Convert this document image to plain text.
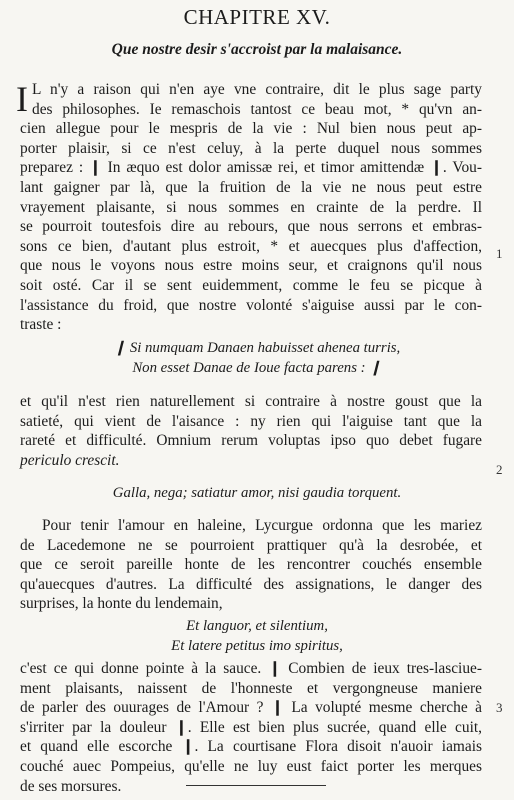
CHAPITRE XV.
Que nostre desir s'accroist par la malaisance.
I L n'y a raison qui n'en aye vne contraire, dit le plus sage party
des philosophes. Ie remaschois tantost ce beau mot, * qu'vn an-
cien allegue pour le mespris de la vie : Nul bien nous peut ap-
porter plaisir, si ce n'est celuy, à la perte duquel nous sommes
preparez : ❙ In æquo est dolor amissæ rei, et timor amittendæ ❙. Vou-
lant gaigner par là, que la fruition de la vie ne nous peut estre
vrayement plaisante, si nous sommes en crainte de la perdre. Il
se pourroit toutesfois dire au rebours, que nous serrons et embras-
sons ce bien, d'autant plus estroit, * et auecques plus d'affection,
que nous le voyons nous estre moins seur, et craignons qu'il nous
soit osté. Car il se sent euidemment, comme le feu se picque à
l'assistance du froid, que nostre volonté s'aiguise aussi par le con-
traste :
❙ Si numquam Danaen habuisset ahenea turris,
Non esset Danae de Ioue facta parens : ❙
et qu'il n'est rien naturellement si contraire à nostre goust que la
satieté, qui vient de l'aisance : ny rien qui l'aiguise tant que la
rareté et difficulté. Omnium rerum voluptas ipso quo debet fugare
periculo crescit.
Galla, nega; satiatur amor, nisi gaudia torquent.
Pour tenir l'amour en haleine, Lycurgue ordonna que les mariez
de Lacedemone ne se pourroient prattiquer qu'à la desrobée, et
que ce seroit pareille honte de les rencontrer couchés ensemble
qu'auecques d'autres. La difficulté des assignations, le danger des
surprises, la honte du lendemain,
Et languor, et silentium,
Et latere petitus imo spiritus,
c'est ce qui donne pointe à la sauce. ❙ Combien de ieux tres-lasciue-
ment plaisants, naissent de l'honneste et vergongneuse maniere
de parler des ouurages de l'Amour ? ❙ La volupté mesme cherche à
s'irriter par la douleur ❙. Elle est bien plus sucrée, quand elle cuit,
et quand elle escorche ❙. La courtisane Flora disoit n'auoir iamais
couché auec Pompeius, qu'elle ne luy eust faict porter les merques
de ses morsures.
1
2
3
